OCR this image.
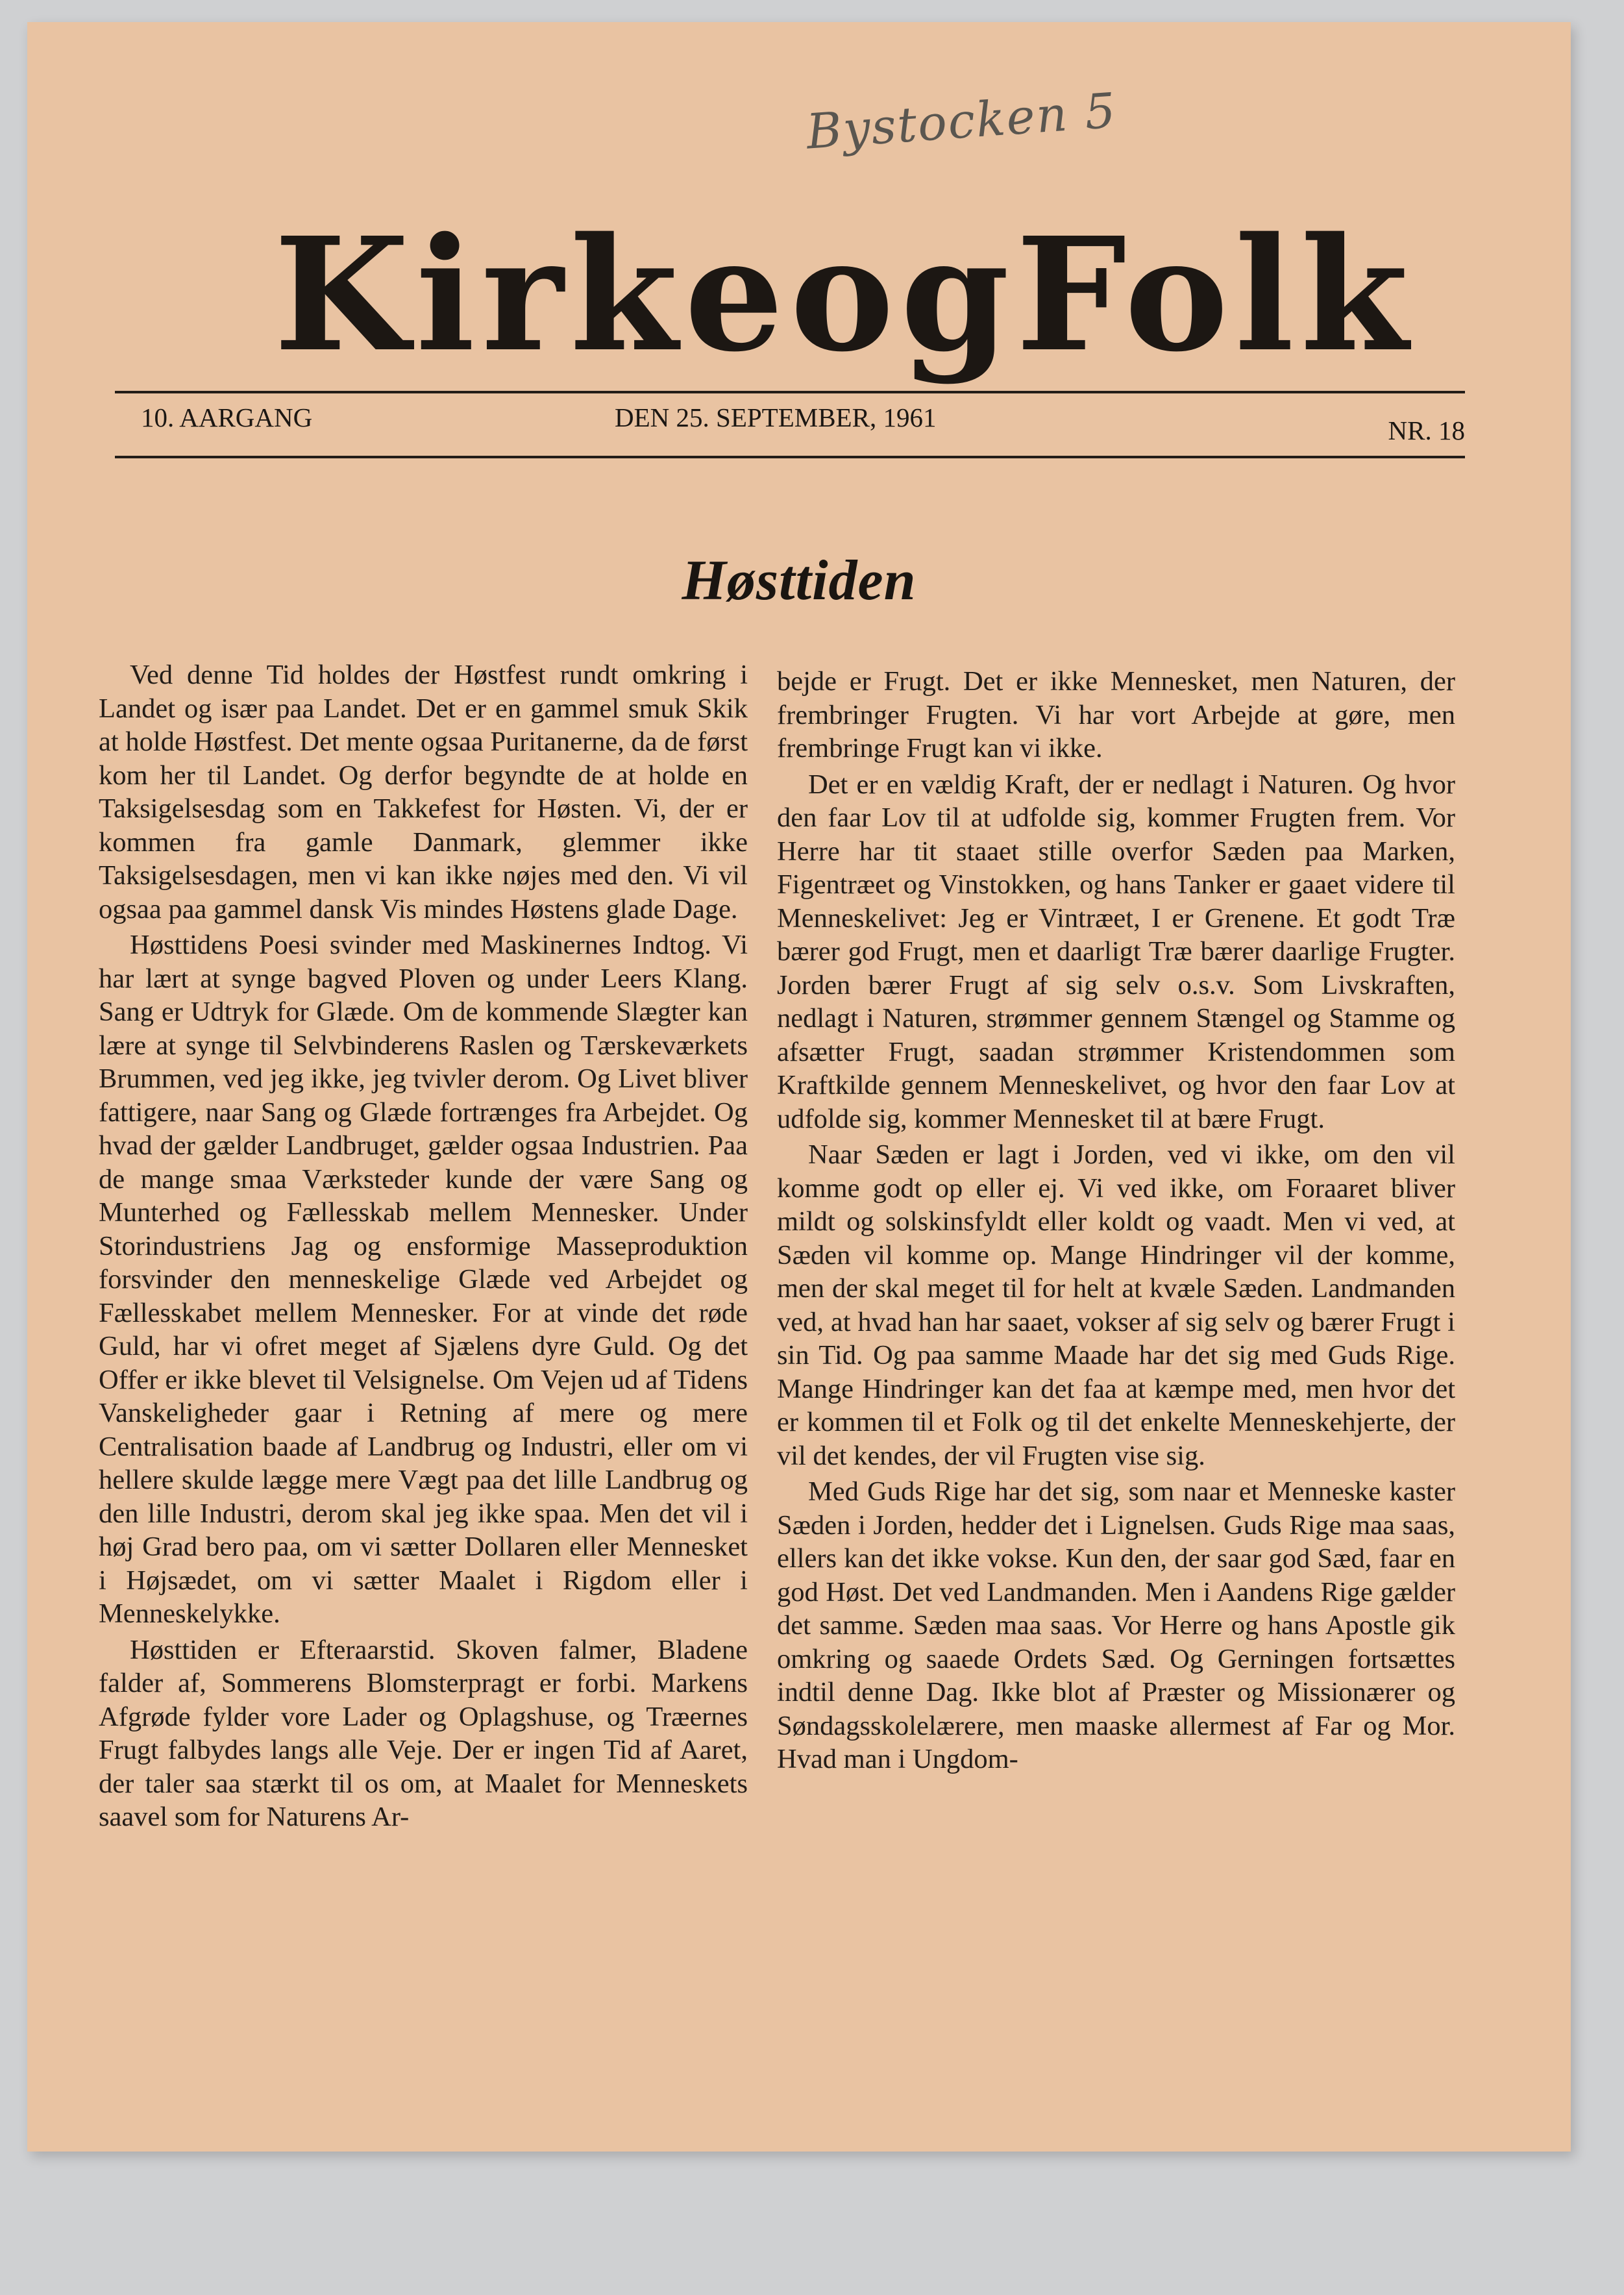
Bystocken 5
Kirke og Folk
10. AARGANG	DEN 25. SEPTEMBER, 1961	NR. 18
Høsttiden

Ved denne Tid holdes der Høstfest rundt omkring i Landet og især paa Landet. Det er en gammel smuk Skik at holde Høstfest. Det mente ogsaa Puritanerne, da de først kom her til Landet. Og derfor begyndte de at holde en Taksigelsesdag som en Takkefest for Høsten. Vi, der er kommen fra gamle Danmark, glemmer ikke Taksigelsesdagen, men vi kan ikke nøjes med den. Vi vil ogsaa paa gammel dansk Vis mindes Høstens glade Dage.

Høsttidens Poesi svinder med Maskinernes Indtog. Vi har lært at synge bagved Ploven og under Leers Klang. Sang er Udtryk for Glæde. Om de kommende Slægter kan lære at synge til Selvbinderens Raslen og Tærskeværkets Brummen, ved jeg ikke, jeg tvivler derom. Og Livet bliver fattigere, naar Sang og Glæde fortrænges fra Arbejdet. Og hvad der gælder Landbruget, gælder ogsaa Industrien. Paa de mange smaa Værksteder kunde der være Sang og Munterhed og Fællesskab mellem Mennesker. Under Storindustriens Jag og ensformige Masseproduktion forsvinder den menneskelige Glæde ved Arbejdet og Fællesskabet mellem Mennesker. For at vinde det røde Guld, har vi ofret meget af Sjælens dyre Guld. Og det Offer er ikke blevet til Velsignelse. Om Vejen ud af Tidens Vanskeligheder gaar i Retning af mere og mere Centralisation baade af Landbrug og Industri, eller om vi hellere skulde lægge mere Vægt paa det lille Landbrug og den lille Industri, derom skal jeg ikke spaa. Men det vil i høj Grad bero paa, om vi sætter Dollaren eller Mennesket i Højsædet, om vi sætter Maalet i Rigdom eller i Menneskelykke.

Høsttiden er Efteraarstid. Skoven falmer, Bladene falder af, Sommerens Blomsterpragt er forbi. Markens Afgrøde fylder vore Lader og Oplagshuse, og Træernes Frugt falbydes langs alle Veje. Der er ingen Tid af Aaret, der taler saa stærkt til os om, at Maalet for Menneskets saavel som for Naturens Ar-

bejde er Frugt. Det er ikke Mennesket, men Naturen, der frembringer Frugten. Vi har vort Arbejde at gøre, men frembringe Frugt kan vi ikke.

Det er en vældig Kraft, der er nedlagt i Naturen. Og hvor den faar Lov til at udfolde sig, kommer Frugten frem. Vor Herre har tit staaet stille overfor Sæden paa Marken, Figentræet og Vinstokken, og hans Tanker er gaaet videre til Menneskelivet: Jeg er Vintræet, I er Grenene. Et godt Træ bærer god Frugt, men et daarligt Træ bærer daarlige Frugter. Jorden bærer Frugt af sig selv o.s.v. Som Livskraften, nedlagt i Naturen, strømmer gennem Stængel og Stamme og afsætter Frugt, saadan strømmer Kristendommen som Kraftkilde gennem Menneskelivet, og hvor den faar Lov at udfolde sig, kommer Mennesket til at bære Frugt.

Naar Sæden er lagt i Jorden, ved vi ikke, om den vil komme godt op eller ej. Vi ved ikke, om Foraaret bliver mildt og solskinsfyldt eller koldt og vaadt. Men vi ved, at Sæden vil komme op. Mange Hindringer vil der komme, men der skal meget til for helt at kvæle Sæden. Landmanden ved, at hvad han har saaet, vokser af sig selv og bærer Frugt i sin Tid. Og paa samme Maade har det sig med Guds Rige. Mange Hindringer kan det faa at kæmpe med, men hvor det er kommen til et Folk og til det enkelte Menneskehjerte, der vil det kendes, der vil Frugten vise sig.

Med Guds Rige har det sig, som naar et Menneske kaster Sæden i Jorden, hedder det i Lignelsen. Guds Rige maa saas, ellers kan det ikke vokse. Kun den, der saar god Sæd, faar en god Høst. Det ved Landmanden. Men i Aandens Rige gælder det samme. Sæden maa saas. Vor Herre og hans Apostle gik omkring og saaede Ordets Sæd. Og Gerningen fortsættes indtil denne Dag. Ikke blot af Præster og Missionærer og Søndagsskolelærere, men maaske allermest af Far og Mor. Hvad man i Ungdom-
